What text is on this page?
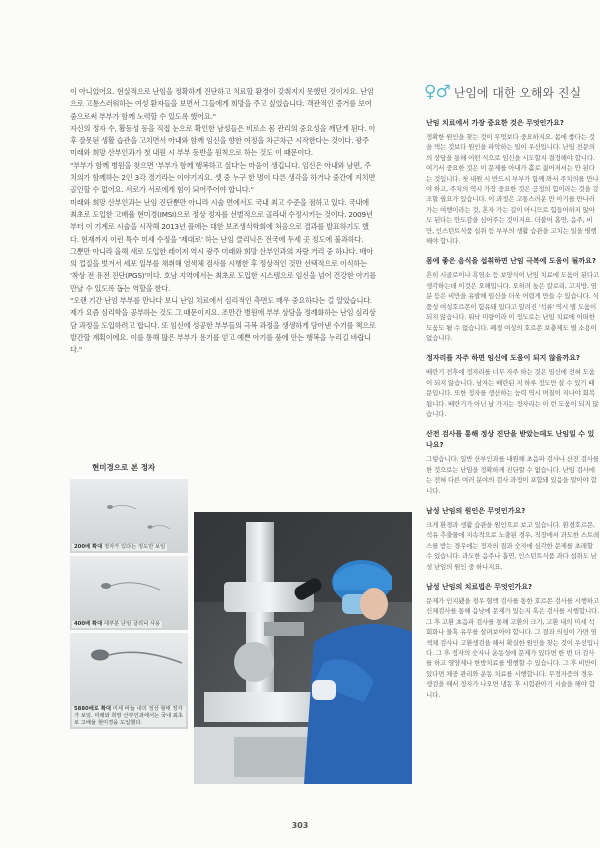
이 아니었어요. 현실적으로 난임을 정확하게 진단하고 치료할 환경이 갖춰지지 못했던 것이지요. 난임으로 고통스러워하는 여성 환자들을 보면서 그들에게 희망을 주고 싶었습니다. 객관적인 증거를 보여줌으로써 부부가 함께 노력할 수 있도록 했어요."

자신의 정자 수, 활동성 등을 직접 눈으로 확인한 남성들은 비로소 몸 관리의 중요성을 깨닫게 된다. 이후 잘못된 생활 습관을 고치면서 아내와 함께 임신을 향한 여정을 차근차근 시작한다는 것이다. 광주 미래와 희망 산부인과가 첫 내원 시 부부 동반을 원칙으로 하는 것도 이 때문이다.

"부부가 함께 병원을 찾으면 '부부가 함께 행복하고 싶다'는 마음이 생깁니다. 임신은 아내와 남편, 주치의가 함께하는 2인 3각 경기라는 이야기지요. 셋 중 누구 한 명이 다른 생각을 하거나 중간에 지치면 골인할 수 없어요. 서로가 서로에게 힘이 되어주어야 합니다."

미래와 희망 산부인과는 난임 진단뿐만 아니라 시술 면에서도 국내 최고 수준을 점하고 있다. 국내에 최초로 도입한 고배율 현미경(IMSI)으로 정상 정자를 선별적으로 골라내 수정시키는 것이다. 2009년부터 이 기계로 시술을 시작해 2013년 플에는 대한 보조생식학회에 처음으로 결과를 발표하기도 했다. 현재까지 이런 특수 미세 수정을 '제대로' 하는 난임 클리닉은 전국에 두세 곳 정도에 불과하다.

그뿐만 아니라 올해 새로 도입한 레이저 역시 광주 미래와 희망 산부인과의 자랑 거리 중 하나다. 배아의 껍질을 벗겨서 세포 일부를 채취해 염색체 검사를 시행한 후 정상적인 것만 선택적으로 이식하는 '착상 전 유전 진단(PGS)'이다. 호남 지역에서는 최초로 도입한 시스템으로 임신을 넘어 건강한 아기를 만날 수 있도록 돕는 역할을 한다.

"오랜 기간 난임 부부를 만나다 보니 난임 치료에서 심리적인 측면도 매우 중요하다는 걸 알았습니다. 제가 요즘 심리학을 공부하는 것도 그 때문이지요. 조만간 병원에 부부 상담을 정례화하는 난임 심리상담 과정을 도입하려고 합니다. 또 임신에 성공한 부부들의 극복 과정을 생생하게 담아낸 수기를 책으로 발간할 계획이에요. 이를 통해 많은 부부가 용기를 얻고 예쁜 아기를 품에 안는 행복을 누리길 바랍니다."

현미경으로 본 정자

200배 확대 정자가 있다는 정도만 보임
400배 확대 대부분 난임 클리닉 사용
5880배로 확대 미세 바늘 내의 정상 형태 정자가 보임. 미래와 희망 산부인과에서는 국내 최초로 고배율 현미경을 도입했다.
♀♂ 난임에 대한 오해와 진실

난임 치료에서 가장 중요한 것은 무엇인가요?

정확한 원인을 찾는 것이 무엇보다 중요하지요. 몸에 좋다는 것을 먹는 것보다 원인을 파악하는 일이 우선입니다. 난임 전문의의 상담을 통해 어떤 식으로 임신을 시도할지 결정해야 합니다. 여기서 중요한 것은 이 문제를 아내가 홀로 짊어져서는 안 된다는 것입니다. 첫 내원 시 반드시 부부가 함께 와서 주치의를 만나야 하고, 주치의 역시 가장 중요한 것은 긍정의 힘이라는 것을 강조할 필요가 있습니다. 이 과정은 고통스러운 만 아기를 만나러 가는 여행이라는 것, 혼자 가는 길이 아니므로 힘들어하지 않아도 된다는 안도감을 심어주는 것이지요. 더불어 흡연, 음주, 비만, 인스턴트식품 섭취 등 부부의 생활 습관을 고치는 일을 병행해야 합니다.

몸에 좋은 음식을 섭취하면 난임 극복에 도움이 될까요?

흔히 시골로이나 흑염소 등 보양식이 난임 치료에 도움이 된다고 생각하는데 이것은 오해입니다. 오히려 높은 칼로리, 고지방, 염분 등은 비만을 유발해 임신을 더욱 어렵게 만들 수 있습니다. 식품성 여성호르몬이 함유돼 있다고 알려진 '석류' 역시 별 도움이 되지 않습니다. 워낙 미량이라 이 정도로는 난임 치료에 어떠한 도움도 될 수 없습니다. 폐경 여성의 호르몬 보충제도 별 소용이 없습니다.

정자리를 자주 하면 임신에 도움이 되지 않을까요?

배란기 전후에 정자리를 너무 자주 하는 것은 임신에 전혀 도움이 되지 않습니다. 남자는 배란된 지 하루 정도만 살 수 있기 때문입니다. 또한 정자를 생산하는 능력 역시 며칠이 지나야 회복됩니다. 배란기가 아닌 날 가지는 정자리는 이 런 도움이 되지 않습니다.

산전 검사를 통해 정상 진단을 받았는데도 난임일 수 있나요?

그렇습니다. 일반 산부인과를 내원해 초음파 검사나 산전 검사를 한 것으로는 난임을 정확하게 진단할 수 없습니다. 난임 검사에는 전혀 다른 여러 분야의 검사 과정이 포함돼 있음을 알아야 합니다.

남성 난임의 원인은 무엇인가요?

크게 환경과 생활 습관을 원인으로 보고 있습니다. 환경호르몬, 석유 추출물에 지속적으로 노출된 경우, 직장에서 과도한 스트레스를 받는 경우에는 정자의 질과 숫자에 심각한 문제를 초래할 수 있습니다. 과도한 음주나 흡연, 인스턴트식품 과다 섭취도 남성 난임의 원인 중 하나지요.

남성 난임의 치료법은 무엇인가요?

문제가 인지됐을 경우 혈액 검사를 통한 호르몬 검사를 시행하고 신체검사를 통해 음낭에 문제가 있는지 혹은 검사를 시행합니다. 그 후 고환 초음파 검사를 통해 고환의 크기, 고환 내의 미세 석회화나 물혹 유무를 살펴보아야 합니다. 그 결과 의심이 가면 염색체 검사나 고환생검을 해서 확실한 원인을 찾는 것이 우선입니다. 그 후 정자의 숫자나 운동성에 문제가 있다면 한 번 더 검사를 하고 영양제나 한방치료를 병행할 수 있습니다. 그 후 비만이 있다면 체중 관리와 운동 치료를 시행합니다. 무정자증의 경우 생검을 해서 정자가 나오면 냉동 후 시험관아기 시술을 해야 합니다.

303
